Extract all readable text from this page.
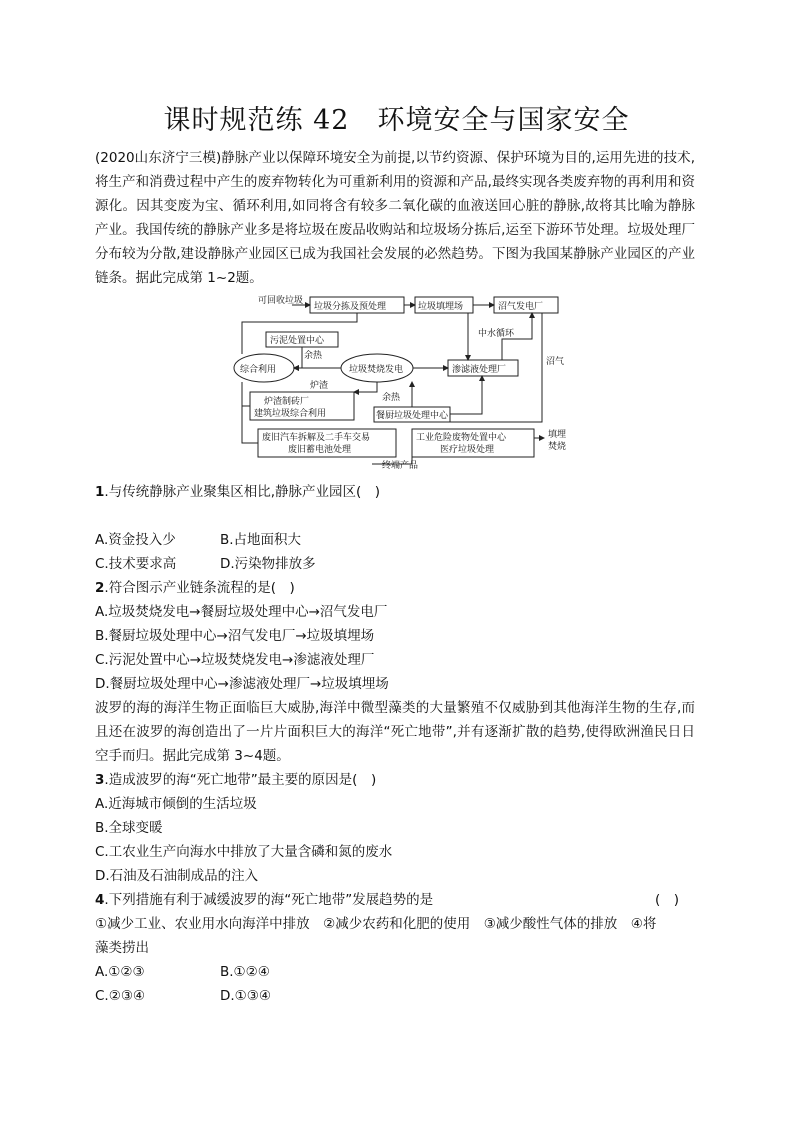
课时规范练 42　环境安全与国家安全
(2020山东济宁三模)静脉产业以保障环境安全为前提,以节约资源、保护环境为目的,运用先进的技术,将生产和消费过程中产生的废弃物转化为可重新利用的资源和产品,最终实现各类废弃物的再利用和资源化。因其变废为宝、循环利用,如同将含有较多二氧化碳的血液送回心脏的静脉,故将其比喻为静脉产业。我国传统的静脉产业多是将垃圾在废品收购站和垃圾场分拣后,运至下游环节处理。垃圾处理厂分布较为分散,建设静脉产业园区已成为我国社会发展的必然趋势。下图为我国某静脉产业园区的产业链条。据此完成第 1~2题。
可回收垃圾
垃圾分拣及预处理	垃圾填埋场	沼气发电厂
污泥处置中心
中水循环
余热
综合利用	垃圾焚烧发电	渗滤液处理厂
沼气
炉渣
炉渣制砖厂
建筑垃圾综合利用
余热
餐厨垃圾处理中心
废旧汽车拆解及二手车交易
废旧蓄电池处理
工业危险废物处置中心
医疗垃圾处理
填埋
焚烧
终端产品
1.与传统静脉产业聚集区相比,静脉产业园区(　)
A.资金投入少	B.占地面积大
C.技术要求高	D.污染物排放多
2.符合图示产业链条流程的是(　)
A.垃圾焚烧发电→餐厨垃圾处理中心→沼气发电厂
B.餐厨垃圾处理中心→沼气发电厂→垃圾填埋场
C.污泥处置中心→垃圾焚烧发电→渗滤液处理厂
D.餐厨垃圾处理中心→渗滤液处理厂→垃圾填埋场
波罗的海的海洋生物正面临巨大威胁,海洋中微型藻类的大量繁殖不仅威胁到其他海洋生物的生存,而且还在波罗的海创造出了一片片面积巨大的海洋“死亡地带”,并有逐渐扩散的趋势,使得欧洲渔民日日空手而归。据此完成第 3~4题。
3.造成波罗的海“死亡地带”最主要的原因是(　)
A.近海城市倾倒的生活垃圾
B.全球变暖
C.工农业生产向海水中排放了大量含磷和氮的废水
D.石油及石油制成品的注入
4.下列措施有利于减缓波罗的海“死亡地带”发展趋势的是	(　)
①减少工业、农业用水向海洋中排放　②减少农药和化肥的使用　③减少酸性气体的排放　④将
藻类捞出
A.①②③	B.①②④
C.②③④	D.①③④
